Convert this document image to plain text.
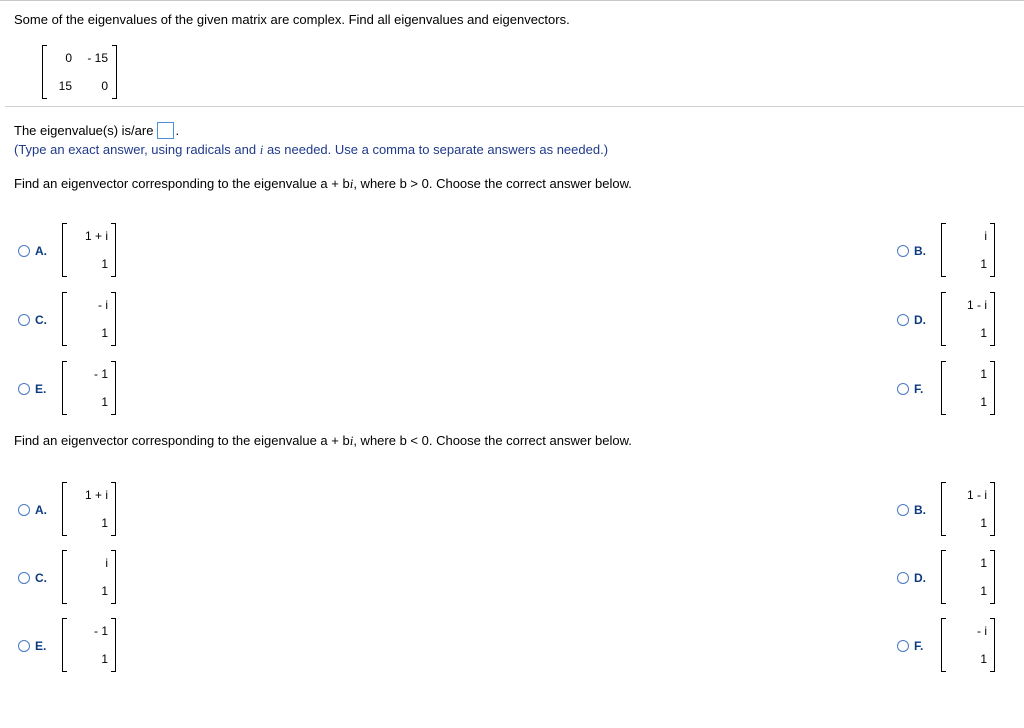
Some of the eigenvalues of the given matrix are complex. Find all eigenvalues and eigenvectors.
0	- 15
15	0
The eigenvalue(s) is/are .
(Type an exact answer, using radicals and i as needed. Use a comma to separate answers as needed.)
Find an eigenvector corresponding to the eigenvalue a + bi, where b > 0. Choose the correct answer below.
Find an eigenvector corresponding to the eigenvalue a + bi, where b < 0. Choose the correct answer below.
A.
1 + i
1
B.
i
1
C.
- i
1
D.
1 - i
1
E.
- 1
1
F.
1
1
A.
1 + i
1
B.
1 - i
1
C.
i
1
D.
1
1
E.
- 1
1
F.
- i
1
